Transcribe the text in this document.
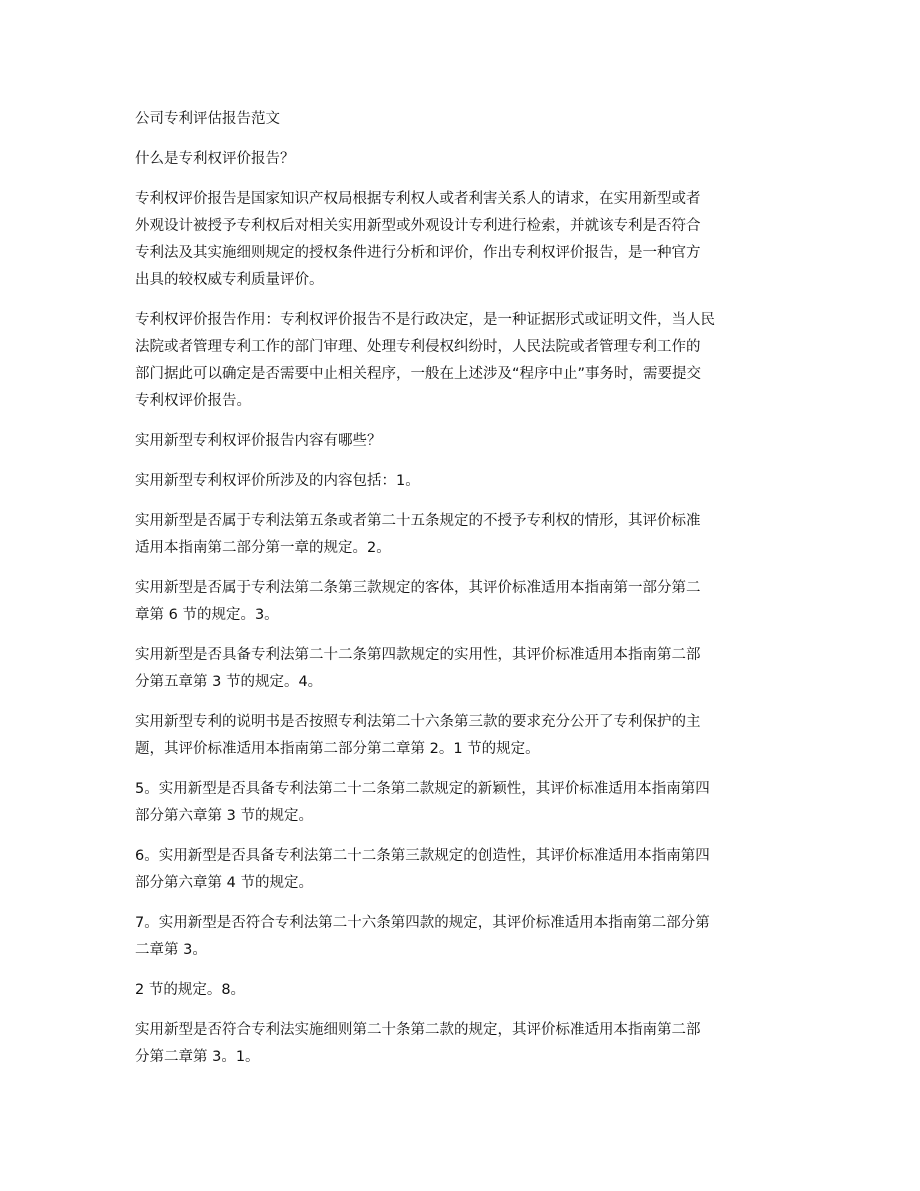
公司专利评估报告范文

什么是专利权评价报告？

专利权评价报告是国家知识产权局根据专利权人或者利害关系人的请求，在实用新型或者
外观设计被授予专利权后对相关实用新型或外观设计专利进行检索，并就该专利是否符合
专利法及其实施细则规定的授权条件进行分析和评价，作出专利权评价报告，是一种官方
出具的较权威专利质量评价。

专利权评价报告作用：专利权评价报告不是行政决定，是一种证据形式或证明文件，当人民
法院或者管理专利工作的部门审理、处理专利侵权纠纷时，人民法院或者管理专利工作的
部门据此可以确定是否需要中止相关程序，一般在上述涉及“程序中止”事务时，需要提交
专利权评价报告。

实用新型专利权评价报告内容有哪些？

实用新型专利权评价所涉及的内容包括：1。

实用新型是否属于专利法第五条或者第二十五条规定的不授予专利权的情形，其评价标准
适用本指南第二部分第一章的规定。2。

实用新型是否属于专利法第二条第三款规定的客体，其评价标准适用本指南第一部分第二
章第 6 节的规定。3。

实用新型是否具备专利法第二十二条第四款规定的实用性，其评价标准适用本指南第二部
分第五章第 3 节的规定。4。

实用新型专利的说明书是否按照专利法第二十六条第三款的要求充分公开了专利保护的主
题，其评价标准适用本指南第二部分第二章第 2。1 节的规定。

5。实用新型是否具备专利法第二十二条第二款规定的新颖性，其评价标准适用本指南第四
部分第六章第 3 节的规定。

6。实用新型是否具备专利法第二十二条第三款规定的创造性，其评价标准适用本指南第四
部分第六章第 4 节的规定。

7。实用新型是否符合专利法第二十六条第四款的规定，其评价标准适用本指南第二部分第
二章第 3。

2 节的规定。8。

实用新型是否符合专利法实施细则第二十条第二款的规定，其评价标准适用本指南第二部
分第二章第 3。1。
